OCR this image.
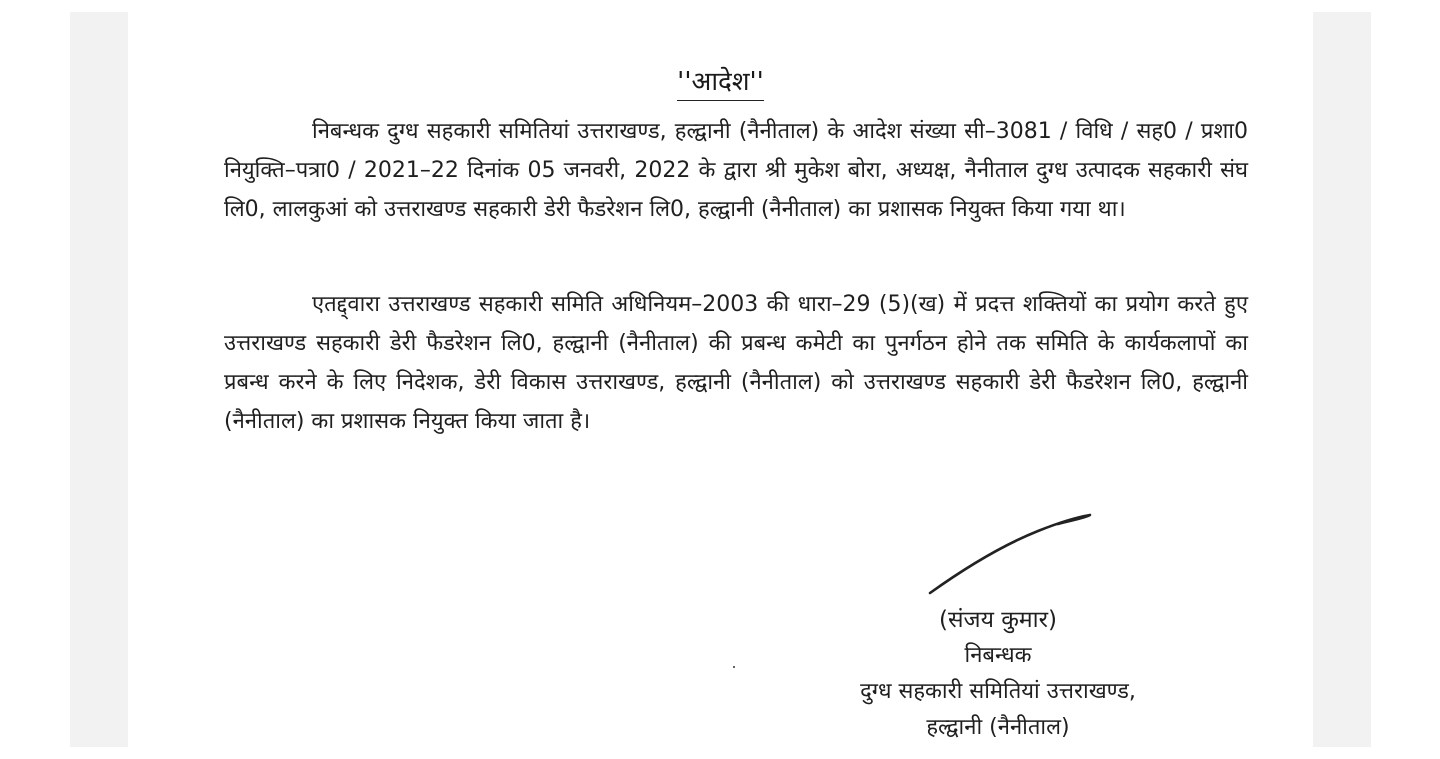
''आदेश''

निबन्धक दुग्ध सहकारी समितियां उत्तराखण्ड, हल्द्वानी (नैनीताल) के आदेश संख्या सी–3081 / विधि / सह0 / प्रशा0 नियुक्ति–पत्रा0 / 2021–22 दिनांक 05 जनवरी, 2022 के द्वारा श्री मुकेश बोरा, अध्यक्ष, नैनीताल दुग्ध उत्पादक सहकारी संघ लि0, लालकुआं को उत्तराखण्ड सहकारी डेरी फैडरेशन लि0, हल्द्वानी (नैनीताल) का प्रशासक नियुक्त किया गया था।

एतद्द्वारा उत्तराखण्ड सहकारी समिति अधिनियम–2003 की धारा–29 (5)(ख) में प्रदत्त शक्तियों का प्रयोग करते हुए उत्तराखण्ड सहकारी डेरी फैडरेशन लि0, हल्द्वानी (नैनीताल) की प्रबन्ध कमेटी का पुनर्गठन होने तक समिति के कार्यकलापों का प्रबन्ध करने के लिए निदेशक, डेरी विकास उत्तराखण्ड, हल्द्वानी (नैनीताल) को उत्तराखण्ड सहकारी डेरी फैडरेशन लि0, हल्द्वानी (नैनीताल) का प्रशासक नियुक्त किया जाता है।

(संजय कुमार)
निबन्धक
दुग्ध सहकारी समितियां उत्तराखण्ड,
हल्द्वानी (नैनीताल)
